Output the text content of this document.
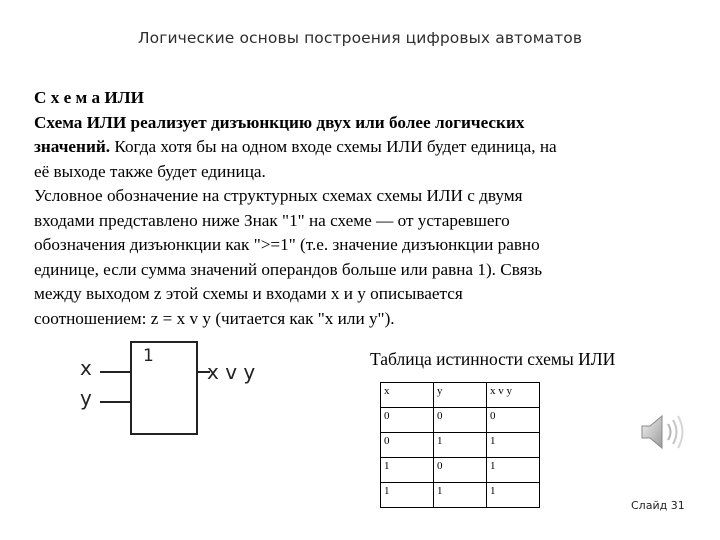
Логические основы построения цифровых автоматов
С х е м а ИЛИ
Схема ИЛИ реализует дизъюнкцию двух или более логических
значений. Когда хотя бы на одном входе схемы ИЛИ будет единица, на
её выходе также будет единица.
Условное обозначение на структурных схемах схемы ИЛИ с двумя
входами представлено ниже Знак "1" на схеме — от устаревшего
обозначения дизъюнкции как ">=1" (т.е. значение дизъюнкции равно
единице, если сумма значений операндов больше или равна 1). Связь
между выходом z этой схемы и входами x и y описывается
соотношением: z = x v y (читается как "x или y").
x
y
1
x v y
Таблица истинности схемы ИЛИ
x	y	x v y
0	0	0
0	1	1
1	0	1
1	1	1
Слайд 31
